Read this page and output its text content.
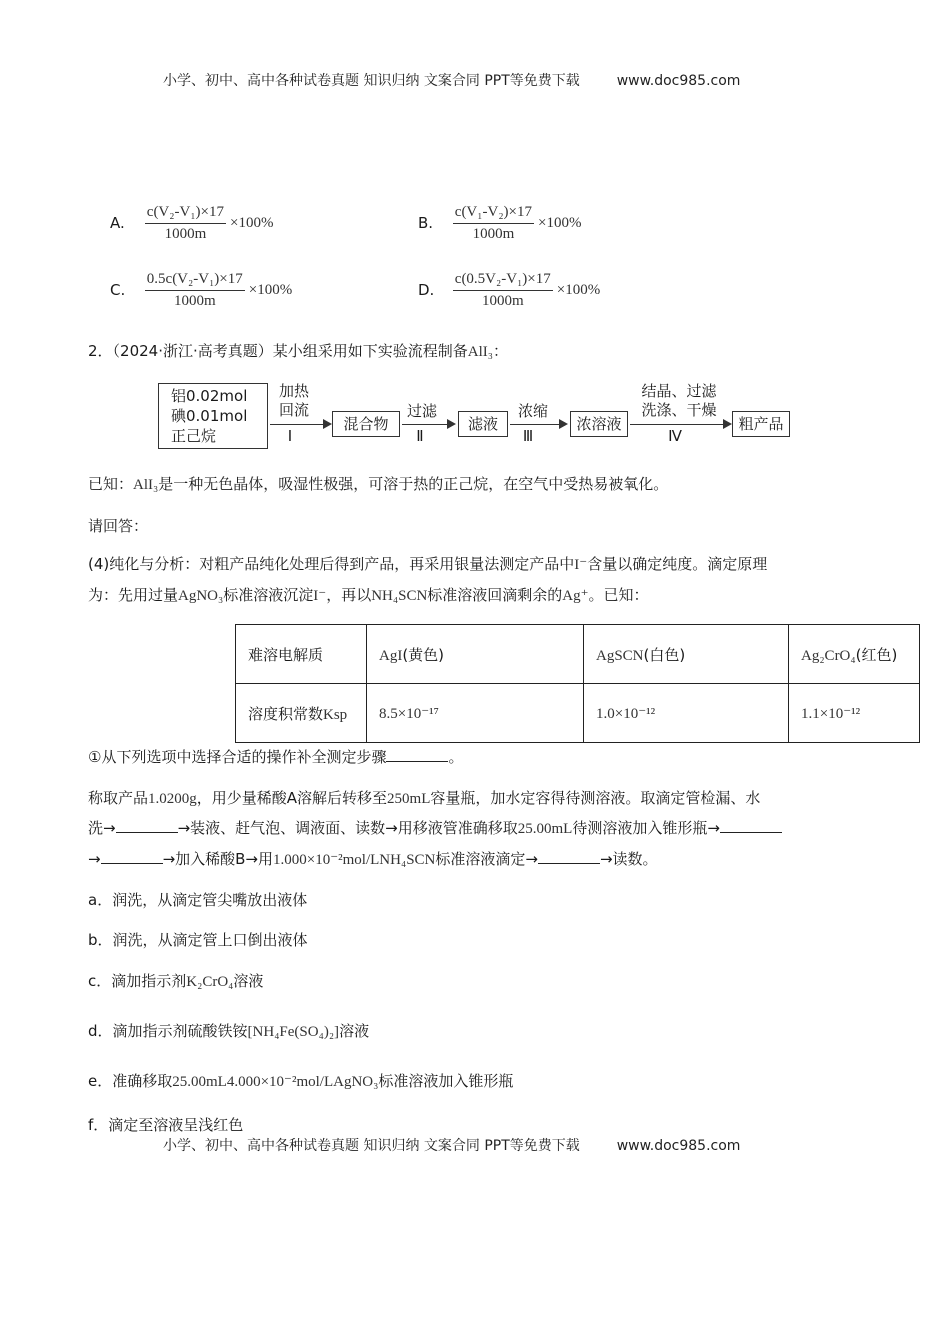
小学、初中、高中各种试卷真题 知识归纳 文案合同 PPT等免费下载	www.doc985.com
A. $\frac{\text{c(V₂-V₁)×17}}{1000m} \times 100\%$	B. $\frac{\text{c(V₁-V₂)×17}}{1000m} \times 100\%$
C. $\frac{\text{0.5c(V₂-V₁)×17}}{1000m} \times 100\%$	D. $\frac{\text{c(0.5V₂-V₁)×17}}{1000m} \times 100\%$
2．（2024·浙江·高考真题）某小组采用如下实验流程制备AlI₃：
铝0.02mol
碘0.01mol
正己烷
加热
回流
Ⅰ
混合物
过滤
Ⅱ
滤液
浓缩
Ⅲ
浓溶液
结晶、过滤
洗涤、干燥
Ⅳ
粗产品
已知：AlI₃是一种无色晶体，吸湿性极强，可溶于热的正己烷，在空气中受热易被氧化。
请回答：
(4)纯化与分析：对粗产品纯化处理后得到产品，再采用银量法测定产品中I⁻含量以确定纯度。滴定原理
为：先用过量AgNO₃标准溶液沉淀I⁻，再以NH₄SCN标准溶液回滴剩余的Ag⁺。已知：
难溶电解质	AgI(黄色)	AgSCN(白色)	Ag₂CrO₄(红色)
溶度积常数Ksp	8.5×10⁻¹⁷	1.0×10⁻¹²	1.1×10⁻¹²
①从下列选项中选择合适的操作补全测定步骤	。
称取产品1.0200g，用少量稀酸A溶解后转移至250mL容量瓶，加水定容得待测溶液。取滴定管检漏、水
洗→	→装液、赶气泡、调液面、读数→用移液管准确移取25.00mL待测溶液加入锥形瓶→
→	→加入稀酸B→用1.000×10⁻²mol/LNH₄SCN标准溶液滴定→	→读数。
a．润洗，从滴定管尖嘴放出液体
b．润洗，从滴定管上口倒出液体
c．滴加指示剂K₂CrO₄溶液
d．滴加指示剂硫酸铁铵[NH₄Fe(SO₄)₂]溶液
e．准确移取25.00mL4.000×10⁻²mol/LAgNO₃标准溶液加入锥形瓶
f．滴定至溶液呈浅红色
小学、初中、高中各种试卷真题 知识归纳 文案合同 PPT等免费下载	www.doc985.com
